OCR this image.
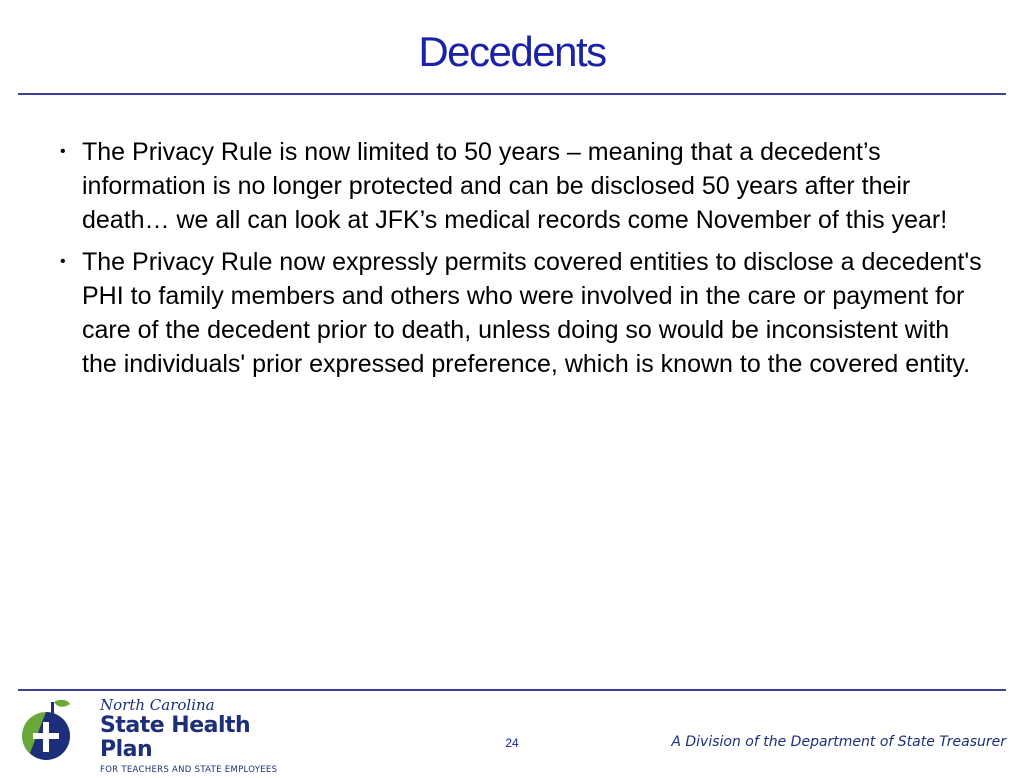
Decedents
• The Privacy Rule is now limited to 50 years – meaning that a decedent’s information is no longer protected and can be disclosed 50 years after their death… we all can look at JFK’s medical records come November of this year!
• The Privacy Rule now expressly permits covered entities to disclose a decedent's PHI to family members and others who were involved in the care or payment for care of the decedent prior to death, unless doing so would be inconsistent with the individuals' prior expressed preference, which is known to the covered entity.
North Carolina
State Health Plan
FOR TEACHERS AND STATE EMPLOYEES
24	A Division of the Department of State Treasurer
